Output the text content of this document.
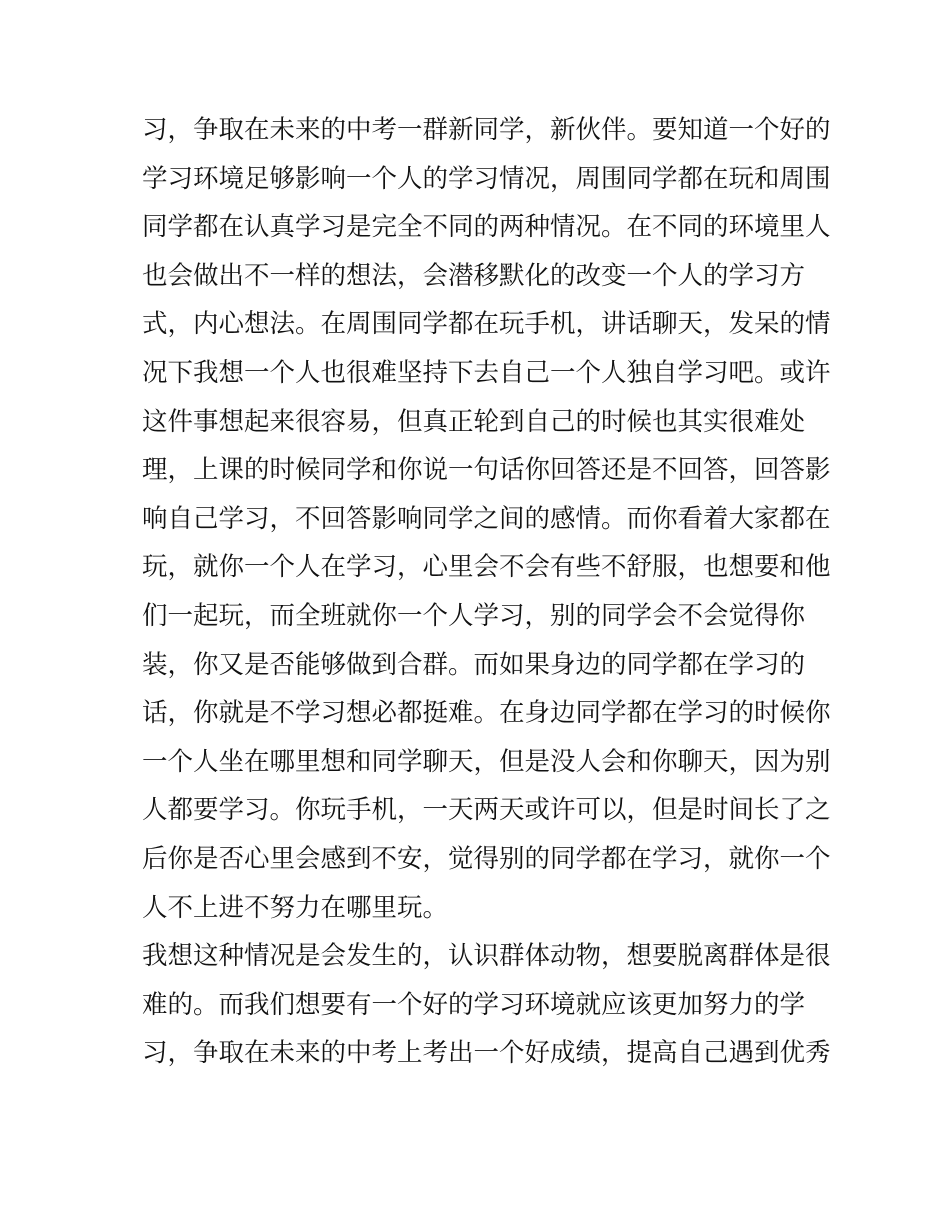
习，争取在未来的中考一群新同学，新伙伴。要知道一个好的
学习环境足够影响一个人的学习情况，周围同学都在玩和周围
同学都在认真学习是完全不同的两种情况。在不同的环境里人
也会做出不一样的想法，会潜移默化的改变一个人的学习方
式，内心想法。在周围同学都在玩手机，讲话聊天，发呆的情
况下我想一个人也很难坚持下去自己一个人独自学习吧。或许
这件事想起来很容易，但真正轮到自己的时候也其实很难处
理，上课的时候同学和你说一句话你回答还是不回答，回答影
响自己学习，不回答影响同学之间的感情。而你看着大家都在
玩，就你一个人在学习，心里会不会有些不舒服，也想要和他
们一起玩，而全班就你一个人学习，别的同学会不会觉得你
装，你又是否能够做到合群。而如果身边的同学都在学习的
话，你就是不学习想必都挺难。在身边同学都在学习的时候你
一个人坐在哪里想和同学聊天，但是没人会和你聊天，因为别
人都要学习。你玩手机，一天两天或许可以，但是时间长了之
后你是否心里会感到不安，觉得别的同学都在学习，就你一个
人不上进不努力在哪里玩。
我想这种情况是会发生的，认识群体动物，想要脱离群体是很
难的。而我们想要有一个好的学习环境就应该更加努力的学
习，争取在未来的中考上考出一个好成绩，提高自己遇到优秀
